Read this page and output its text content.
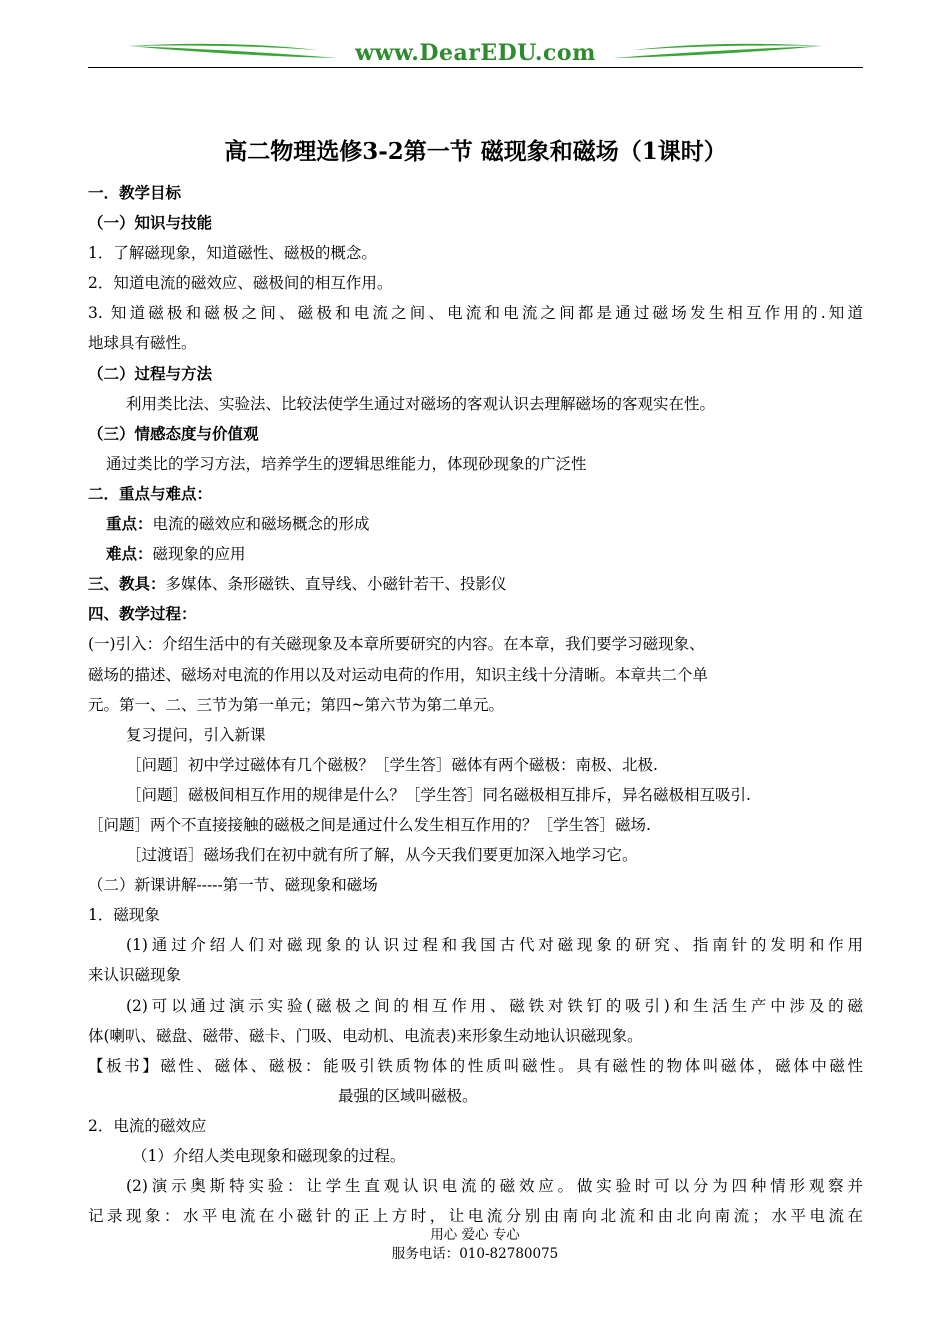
www.DearEDU.com
高二物理选修3-2第一节 磁现象和磁场（1课时）
一．教学目标
（一）知识与技能
1．了解磁现象，知道磁性、磁极的概念。
2．知道电流的磁效应、磁极间的相互作用。
3. 知道磁极和磁极之间、磁极和电流之间、电流和电流之间都是通过磁场发生相互作用的.知道
地球具有磁性。
（二）过程与方法
利用类比法、实验法、比较法使学生通过对磁场的客观认识去理解磁场的客观实在性。
（三）情感态度与价值观
通过类比的学习方法，培养学生的逻辑思维能力，体现砂现象的广泛性
二．重点与难点：
重点：电流的磁效应和磁场概念的形成
难点：磁现象的应用
三、教具：多媒体、条形磁铁、直导线、小磁针若干、投影仪
四、教学过程：
(一)引入：介绍生活中的有关磁现象及本章所要研究的内容。在本章，我们要学习磁现象、
磁场的描述、磁场对电流的作用以及对运动电荷的作用，知识主线十分清晰。本章共二个单
元。第一、二、三节为第一单元；第四~第六节为第二单元。
复习提问，引入新课
［问题］初中学过磁体有几个磁极？［学生答］磁体有两个磁极：南极、北极.
［问题］磁极间相互作用的规律是什么？［学生答］同名磁极相互排斥，异名磁极相互吸引.
［问题］两个不直接接触的磁极之间是通过什么发生相互作用的？［学生答］磁场.
［过渡语］磁场我们在初中就有所了解，从今天我们要更加深入地学习它。
（二）新课讲解-----第一节、磁现象和磁场
1．磁现象
(1)通过介绍人们对磁现象的认识过程和我国古代对磁现象的研究、指南针的发明和作用
来认识磁现象
(2)可以通过演示实验(磁极之间的相互作用、磁铁对铁钉的吸引)和生活生产中涉及的磁
体(喇叭、磁盘、磁带、磁卡、门吸、电动机、电流表)来形象生动地认识磁现象。
【板书】磁性、磁体、磁极：能吸引铁质物体的性质叫磁性。具有磁性的物体叫磁体，磁体中磁性
最强的区域叫磁极。
2．电流的磁效应
（1）介绍人类电现象和磁现象的过程。
(2)演示奥斯特实验：让学生直观认识电流的磁效应。做实验时可以分为四种情形观察并
记录现象：水平电流在小磁针的正上方时，让电流分别由南向北流和由北向南流；水平电流在
用心 爱心 专心
服务电话：010-82780075
